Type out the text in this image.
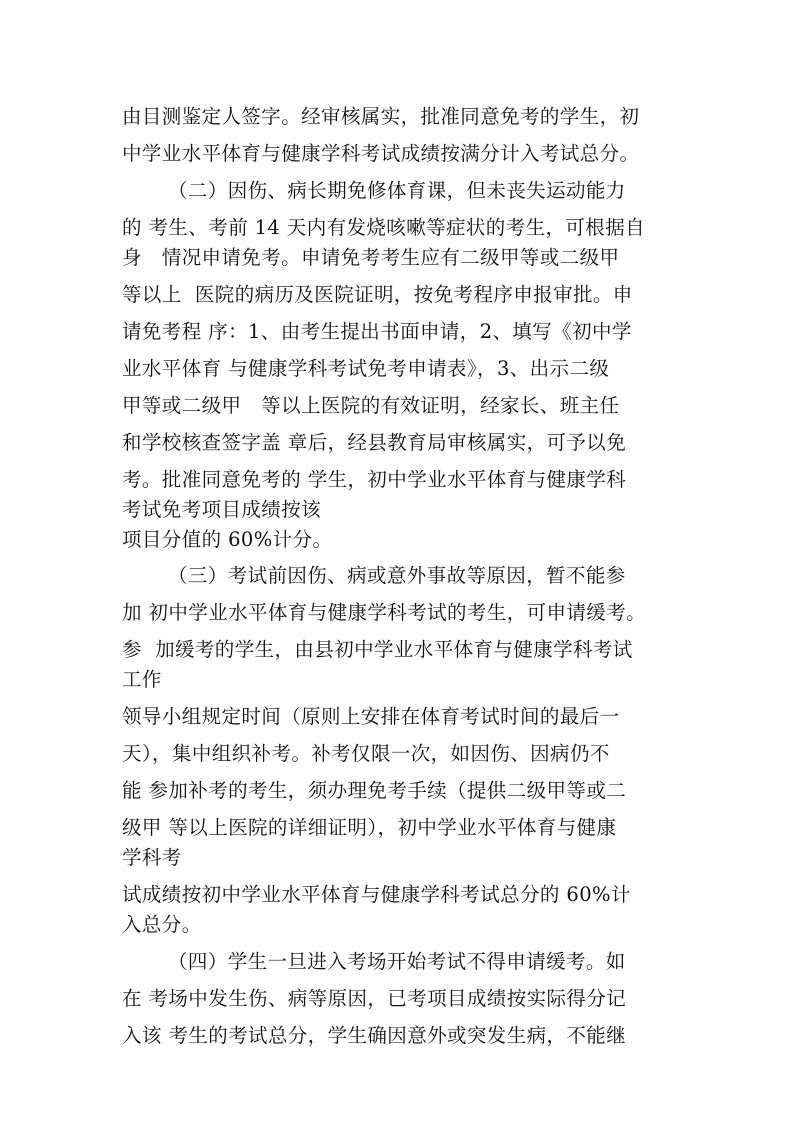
由目测鉴定人签字。经审核属实，批准同意免考的学生，初

中学业水平体育与健康学科考试成绩按满分计入考试总分。

（二）因伤、病长期免修体育课，但未丧失运动能力

的 考生、考前 14 天内有发烧咳嗽等症状的考生，可根据自

身   情况申请免考。申请免考考生应有二级甲等或二级甲

等以上  医院的病历及医院证明，按免考程序申报审批。申

请免考程 序：1、由考生提出书面申请，2、填写《初中学

业水平体育 与健康学科考试免考申请表》，3、出示二级

甲等或二级甲   等以上医院的有效证明，经家长、班主任

和学校核查签字盖 章后，经县教育局审核属实，可予以免

考。批准同意免考的 学生，初中学业水平体育与健康学科

考试免考项目成绩按该

项目分值的 60%计分。

（三）考试前因伤、病或意外事故等原因，暂不能参

加 初中学业水平体育与健康学科考试的考生，可申请缓考。

参  加缓考的学生，由县初中学业水平体育与健康学科考试

工作

领导小组规定时间（原则上安排在体育考试时间的最后一

天），集中组织补考。补考仅限一次，如因伤、因病仍不

能 参加补考的考生，须办理免考手续（提供二级甲等或二

级甲 等以上医院的详细证明），初中学业水平体育与健康

学科考

试成绩按初中学业水平体育与健康学科考试总分的 60%计

入总分。

（四）学生一旦进入考场开始考试不得申请缓考。如

在 考场中发生伤、病等原因，已考项目成绩按实际得分记

入该 考生的考试总分，学生确因意外或突发生病，不能继
